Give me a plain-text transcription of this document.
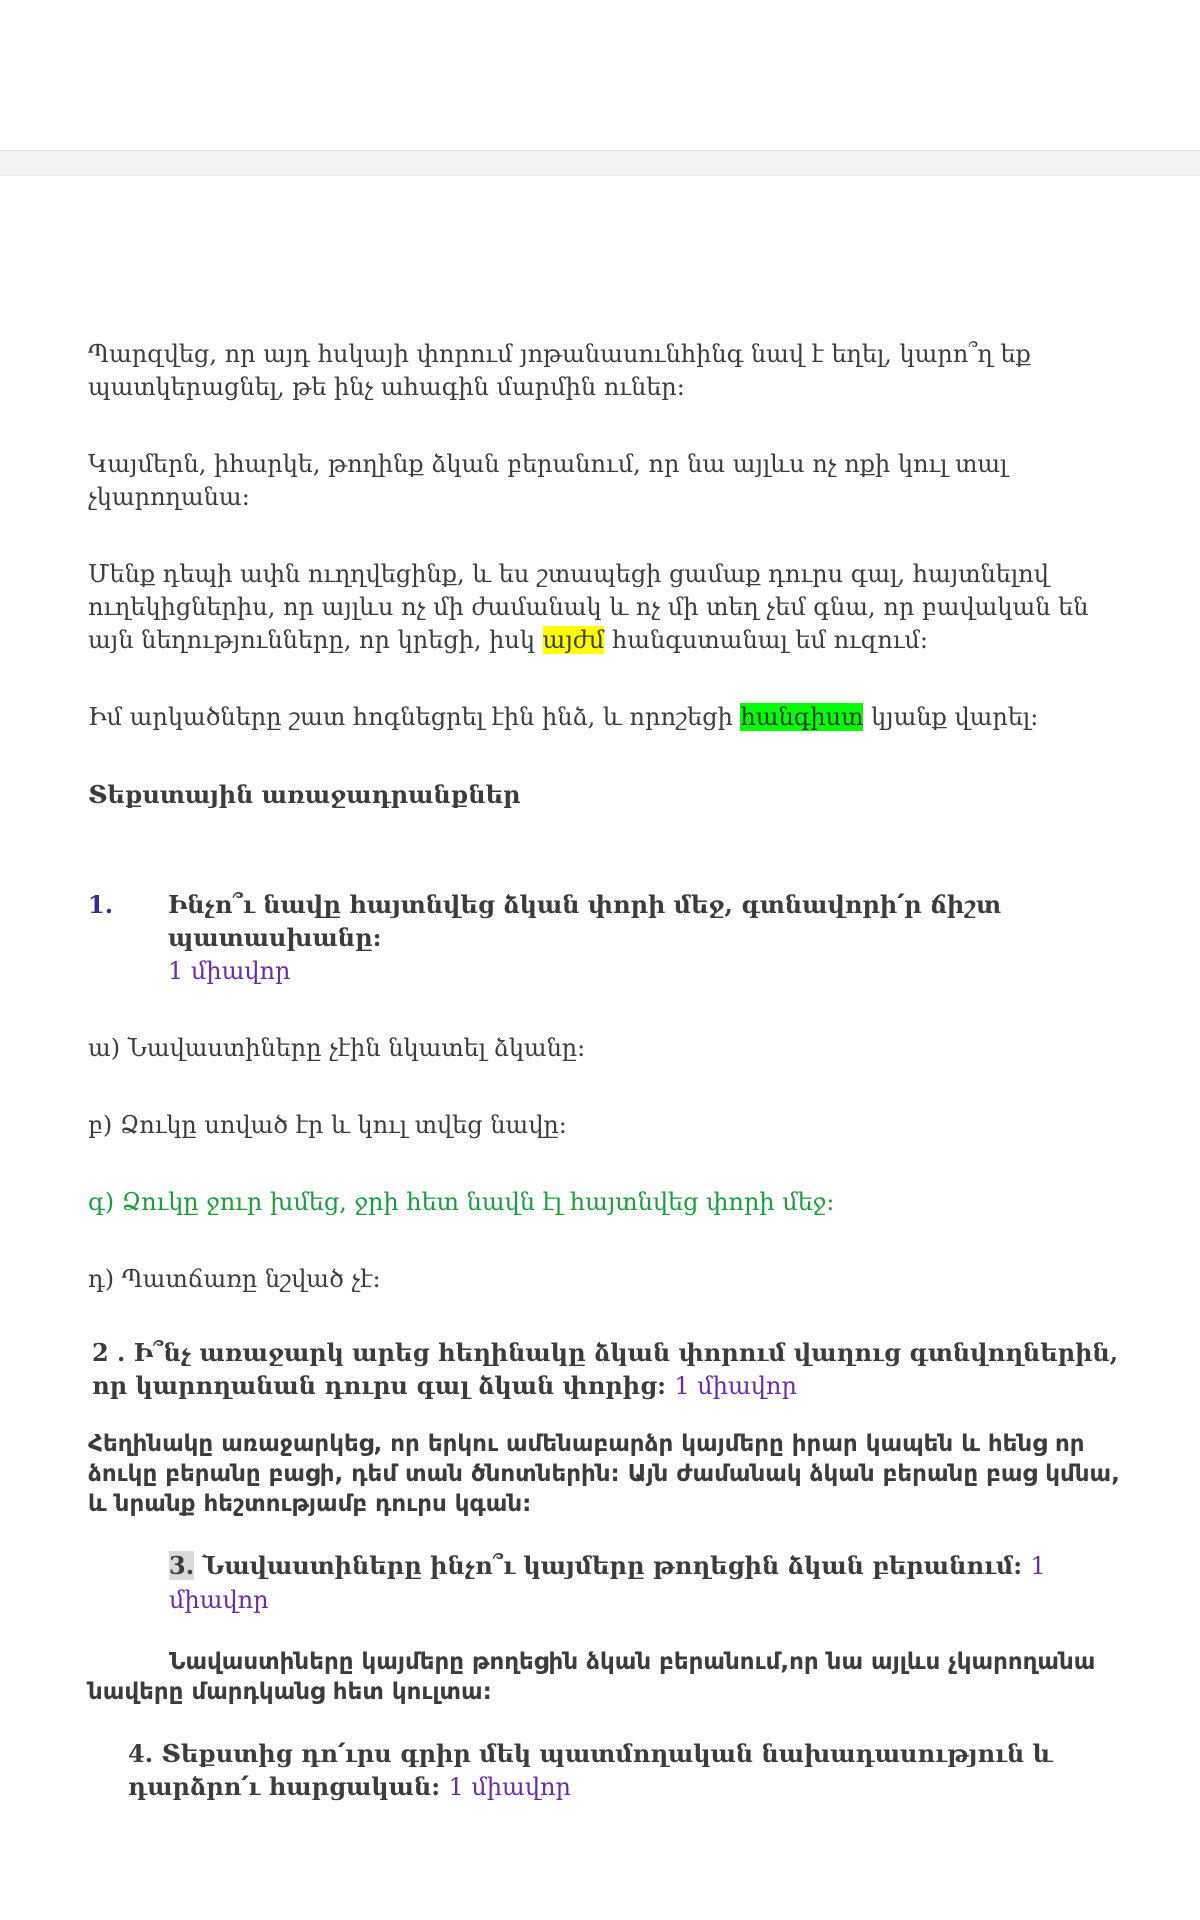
Պարզվեց, որ այդ հսկայի փորում յոթանասունհինգ նավ է եղել, կարո՞ղ եք պատկերացնել, թե ինչ ահագին մարմին ուներ:

Կայմերն, իհարկե, թողինք ձկան բերանում, որ նա այլևս ոչ ոքի կուլ տալ չկարողանա:

Մենք դեպի ափն ուղղվեցինք, և ես շտապեցի ցամաք դուրս գալ, հայտնելով ուղեկիցներիս, որ այլևս ոչ մի ժամանակ և ոչ մի տեղ չեմ գնա, որ բավական են այն նեղությունները, որ կրեցի, իսկ այժմ հանգստանալ եմ ուզում:

Իմ արկածները շատ հոգնեցրել էին ինձ, և որոշեցի հանգիստ կյանք վարել:

Տեքստային առաջադրանքներ

1. Ինչո՞ւ նավը հայտնվեց ձկան փորի մեջ, գտնավորի՛ր ճիշտ պատասխանը:
1 միավոր

ա) Նավաստիները չէին նկատել ձկանը:

բ) Ձուկը սոված էր և կուլ տվեց նավը:

գ) Ձուկը ջուր խմեց, ջրի հետ նավն էլ հայտնվեց փորի մեջ:

դ) Պատճառը նշված չէ:

2 . Ի՞նչ առաջարկ արեց հեղինակը ձկան փորում վաղուց գտնվողներին, որ կարողանան դուրս գալ ձկան փորից: 1 միավոր

Հեղինակը առաջարկեց, որ երկու ամենաբարձր կայմերը իրար կապեն և հենց որ ձուկը բերանը բացի, դեմ տան ծնոտներին: Այն ժամանակ ձկան բերանը բաց կմնա, և նրանք հեշտությամբ դուրս կգան:

3. Նավաստիները ինչո՞ւ կայմերը թողեցին ձկան բերանում: 1 միավոր

Նավաստիները կայմերը թողեցին ձկան բերանում,որ նա այլևս չկարողանա նավերը մարդկանց հետ կուլտա:

4. Տեքստից դո՛ւրս գրիր մեկ պատմողական նախադասություն և դարձրո՛ւ հարցական: 1 միավոր
